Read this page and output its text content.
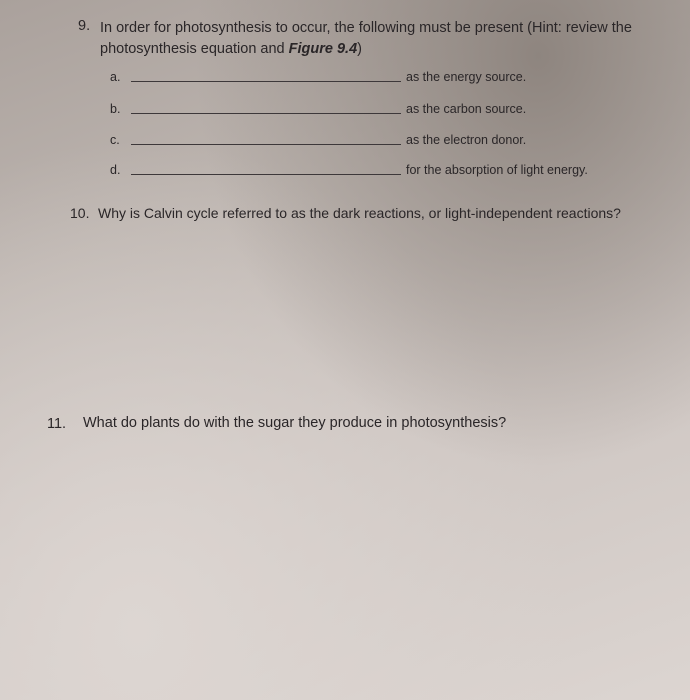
9. In order for photosynthesis to occur, the following must be present (Hint: review the photosynthesis equation and Figure 9.4)
a.	as the energy source.
b.	as the carbon source.
c.	as the electron donor.
d.	for the absorption of light energy.
10. Why is Calvin cycle referred to as the dark reactions, or light-independent reactions?
11. What do plants do with the sugar they produce in photosynthesis?
